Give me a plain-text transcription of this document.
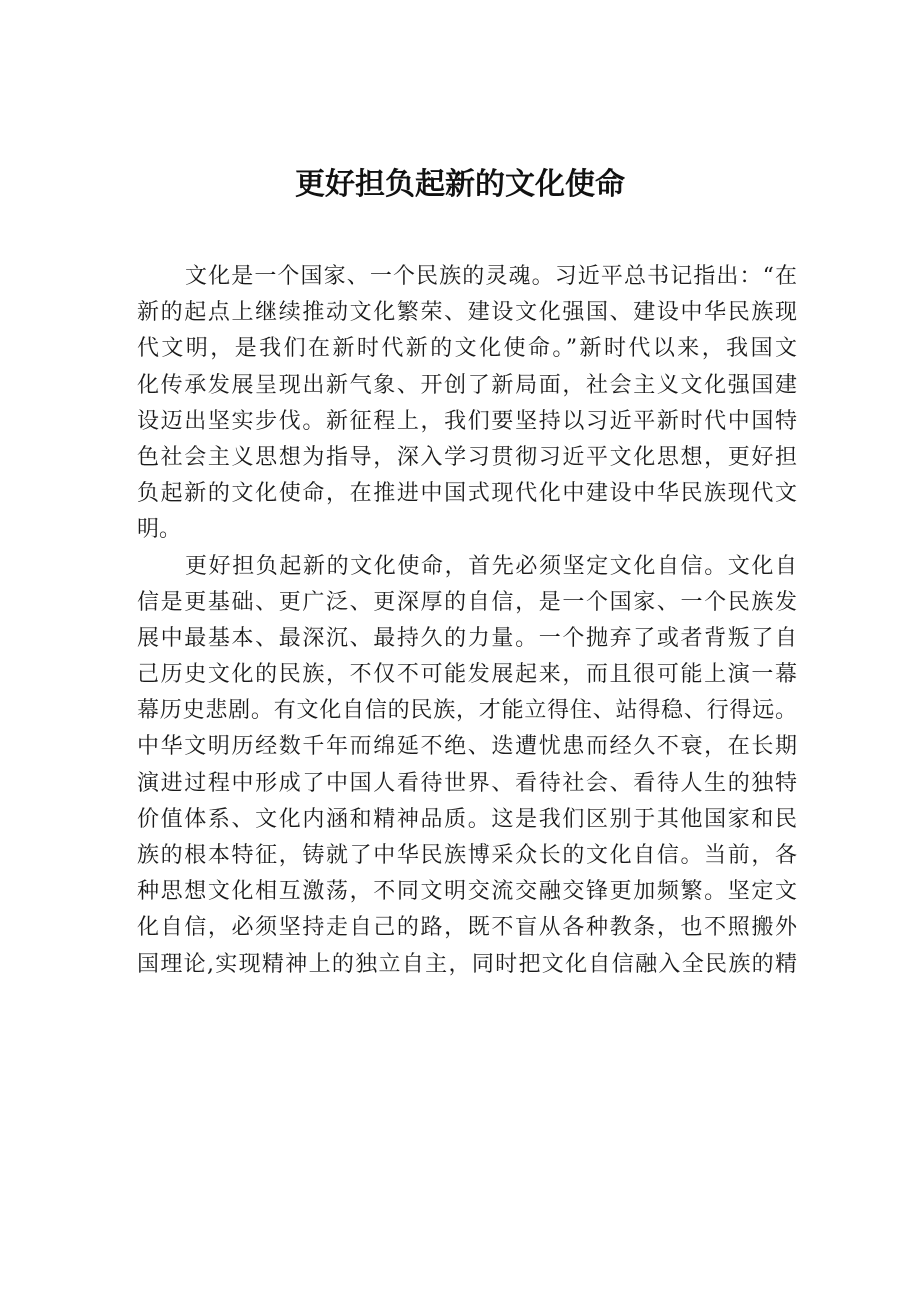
更好担负起新的文化使命
文化是一个国家、一个民族的灵魂。习近平总书记指出：“在
新的起点上继续推动文化繁荣、建设文化强国、建设中华民族现
代文明，是我们在新时代新的文化使命。”新时代以来，我国文
化传承发展呈现出新气象、开创了新局面，社会主义文化强国建
设迈出坚实步伐。新征程上，我们要坚持以习近平新时代中国特
色社会主义思想为指导，深入学习贯彻习近平文化思想，更好担
负起新的文化使命，在推进中国式现代化中建设中华民族现代文
明。
更好担负起新的文化使命，首先必须坚定文化自信。文化自
信是更基础、更广泛、更深厚的自信，是一个国家、一个民族发
展中最基本、最深沉、最持久的力量。一个抛弃了或者背叛了自
己历史文化的民族，不仅不可能发展起来，而且很可能上演一幕
幕历史悲剧。有文化自信的民族，才能立得住、站得稳、行得远。
中华文明历经数千年而绵延不绝、迭遭忧患而经久不衰，在长期
演进过程中形成了中国人看待世界、看待社会、看待人生的独特
价值体系、文化内涵和精神品质。这是我们区别于其他国家和民
族的根本特征，铸就了中华民族博采众长的文化自信。当前，各
种思想文化相互激荡，不同文明交流交融交锋更加频繁。坚定文
化自信，必须坚持走自己的路，既不盲从各种教条，也不照搬外
国理论,实现精神上的独立自主，同时把文化自信融入全民族的精
